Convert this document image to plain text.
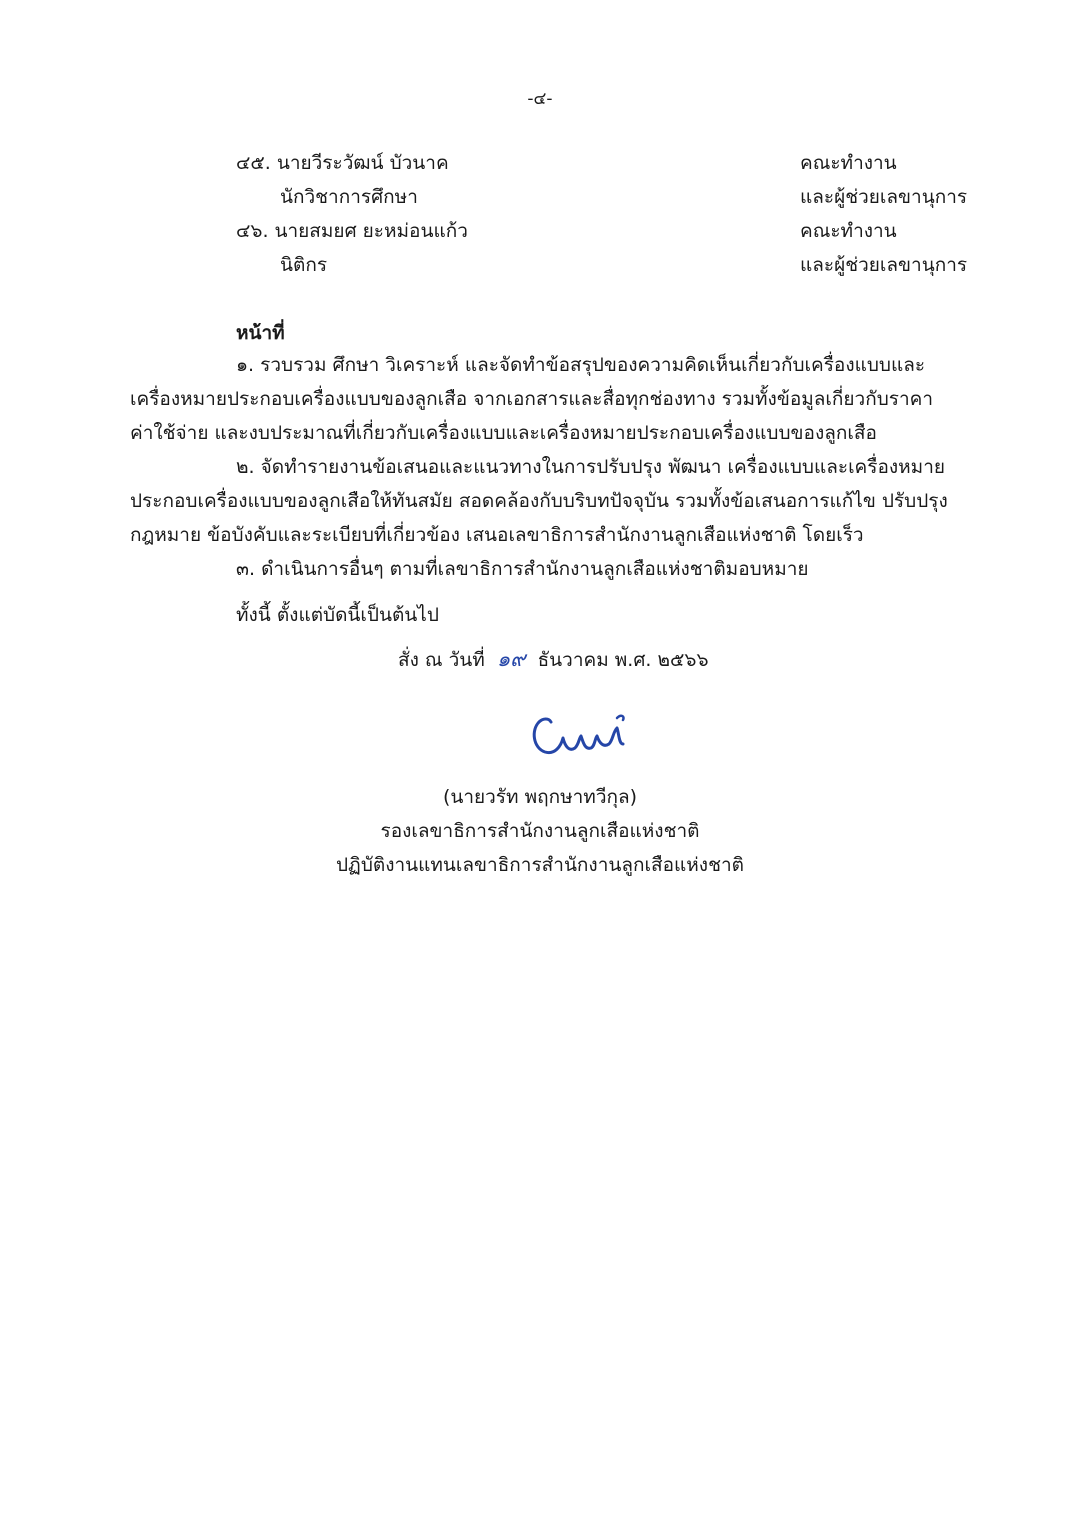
-๔-
๔๕. นายวีระวัฒน์ บัวนาค	คณะทำงาน
นักวิชาการศึกษา	และผู้ช่วยเลขานุการ
๔๖. นายสมยศ ยะหม่อนแก้ว	คณะทำงาน
นิติกร	และผู้ช่วยเลขานุการ
หน้าที่
๑. รวบรวม ศึกษา วิเคราะห์ และจัดทำข้อสรุปของความคิดเห็นเกี่ยวกับเครื่องแบบและ
เครื่องหมายประกอบเครื่องแบบของลูกเสือ จากเอกสารและสื่อทุกช่องทาง รวมทั้งข้อมูลเกี่ยวกับราคา
ค่าใช้จ่าย และงบประมาณที่เกี่ยวกับเครื่องแบบและเครื่องหมายประกอบเครื่องแบบของลูกเสือ
๒. จัดทำรายงานข้อเสนอและแนวทางในการปรับปรุง พัฒนา เครื่องแบบและเครื่องหมาย
ประกอบเครื่องแบบของลูกเสือให้ทันสมัย สอดคล้องกับบริบทปัจจุบัน รวมทั้งข้อเสนอการแก้ไข ปรับปรุง
กฎหมาย ข้อบังคับและระเบียบที่เกี่ยวข้อง เสนอเลขาธิการสำนักงานลูกเสือแห่งชาติ โดยเร็ว
๓. ดำเนินการอื่นๆ ตามที่เลขาธิการสำนักงานลูกเสือแห่งชาติมอบหมาย
ทั้งนี้ ตั้งแต่บัดนี้เป็นต้นไป
สั่ง ณ วันที่ ๑๙ ธันวาคม พ.ศ. ๒๕๖๖
(นายวรัท พฤกษาทวีกุล)
รองเลขาธิการสำนักงานลูกเสือแห่งชาติ
ปฏิบัติงานแทนเลขาธิการสำนักงานลูกเสือแห่งชาติ
